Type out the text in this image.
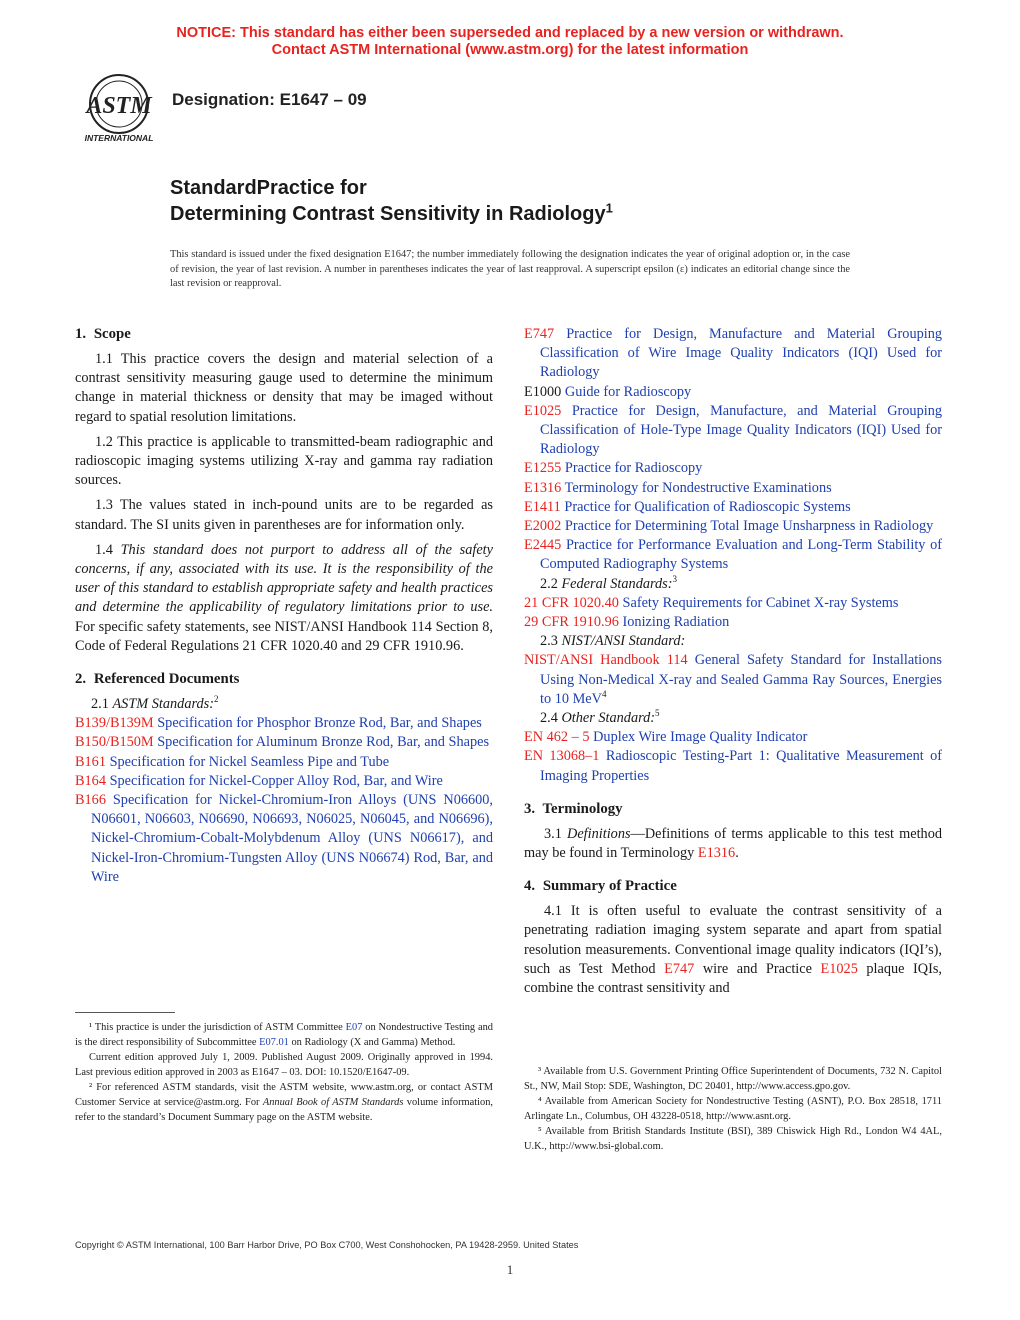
NOTICE: This standard has either been superseded and replaced by a new version or withdrawn.
Contact ASTM International (www.astm.org) for the latest information
ASTM
INTERNATIONAL
Designation: E1647 – 09
StandardPractice for
Determining Contrast Sensitivity in Radiology$^1$
This standard is issued under the fixed designation E1647; the number immediately following the designation indicates the year of original adoption or, in the case of revision, the year of last revision. A number in parentheses indicates the year of last reapproval. A superscript epsilon (ε) indicates an editorial change since the last revision or reapproval.
1. Scope

1.1 This practice covers the design and material selection of a contrast sensitivity measuring gauge used to determine the minimum change in material thickness or density that may be imaged without regard to spatial resolution limitations.

1.2 This practice is applicable to transmitted-beam radiographic and radioscopic imaging systems utilizing X-ray and gamma ray radiation sources.

1.3 The values stated in inch-pound units are to be regarded as standard. The SI units given in parentheses are for information only.

1.4 This standard does not purport to address all of the safety concerns, if any, associated with its use. It is the responsibility of the user of this standard to establish appropriate safety and health practices and determine the applicability of regulatory limitations prior to use. For specific safety statements, see NIST/ANSI Handbook 114 Section 8, Code of Federal Regulations 21 CFR 1020.40 and 29 CFR 1910.96.

2. Referenced Documents

2.1 ASTM Standards:$^2$

B139/B139M Specification for Phosphor Bronze Rod, Bar, and Shapes

B150/B150M Specification for Aluminum Bronze Rod, Bar, and Shapes

B161 Specification for Nickel Seamless Pipe and Tube

B164 Specification for Nickel-Copper Alloy Rod, Bar, and Wire

B166 Specification for Nickel-Chromium-Iron Alloys (UNS N06600, N06601, N06603, N06690, N06693, N06025, N06045, and N06696), Nickel-Chromium-Cobalt-Molybdenum Alloy (UNS N06617), and Nickel-Iron-Chromium-Tungsten Alloy (UNS N06674) Rod, Bar, and Wire

E747 Practice for Design, Manufacture and Material Grouping Classification of Wire Image Quality Indicators (IQI) Used for Radiology

E1000 Guide for Radioscopy

E1025 Practice for Design, Manufacture, and Material Grouping Classification of Hole-Type Image Quality Indicators (IQI) Used for Radiology

E1255 Practice for Radioscopy

E1316 Terminology for Nondestructive Examinations

E1411 Practice for Qualification of Radioscopic Systems

E2002 Practice for Determining Total Image Unsharpness in Radiology

E2445 Practice for Performance Evaluation and Long-Term Stability of Computed Radiography Systems

2.2 Federal Standards:$^3$

21 CFR 1020.40 Safety Requirements for Cabinet X-ray Systems

29 CFR 1910.96 Ionizing Radiation

2.3 NIST/ANSI Standard:

NIST/ANSI Handbook 114 General Safety Standard for Installations Using Non-Medical X-ray and Sealed Gamma Ray Sources, Energies to 10 MeV$^4$

2.4 Other Standard:$^5$

EN 462 – 5 Duplex Wire Image Quality Indicator

EN 13068–1 Radioscopic Testing-Part 1: Qualitative Measurement of Imaging Properties

3. Terminology

3.1 Definitions—Definitions of terms applicable to this test method may be found in Terminology E1316.

4. Summary of Practice

4.1 It is often useful to evaluate the contrast sensitivity of a penetrating radiation imaging system separate and apart from spatial resolution measurements. Conventional image quality indicators (IQI’s), such as Test Method E747 wire and Practice E1025 plaque IQIs, combine the contrast sensitivity and

¹ This practice is under the jurisdiction of ASTM Committee E07 on Nondestructive Testing and is the direct responsibility of Subcommittee E07.01 on Radiology (X and Gamma) Method.

Current edition approved July 1, 2009. Published August 2009. Originally approved in 1994. Last previous edition approved in 2003 as E1647 – 03. DOI: 10.1520/E1647-09.

² For referenced ASTM standards, visit the ASTM website, www.astm.org, or contact ASTM Customer Service at service@astm.org. For Annual Book of ASTM Standards volume information, refer to the standard’s Document Summary page on the ASTM website.

³ Available from U.S. Government Printing Office Superintendent of Documents, 732 N. Capitol St., NW, Mail Stop: SDE, Washington, DC 20401, http://www.access.gpo.gov.

⁴ Available from American Society for Nondestructive Testing (ASNT), P.O. Box 28518, 1711 Arlingate Ln., Columbus, OH 43228-0518, http://www.asnt.org.

⁵ Available from British Standards Institute (BSI), 389 Chiswick High Rd., London W4 4AL, U.K., http://www.bsi-global.com.

Copyright © ASTM International, 100 Barr Harbor Drive, PO Box C700, West Conshohocken, PA 19428-2959. United States
1
